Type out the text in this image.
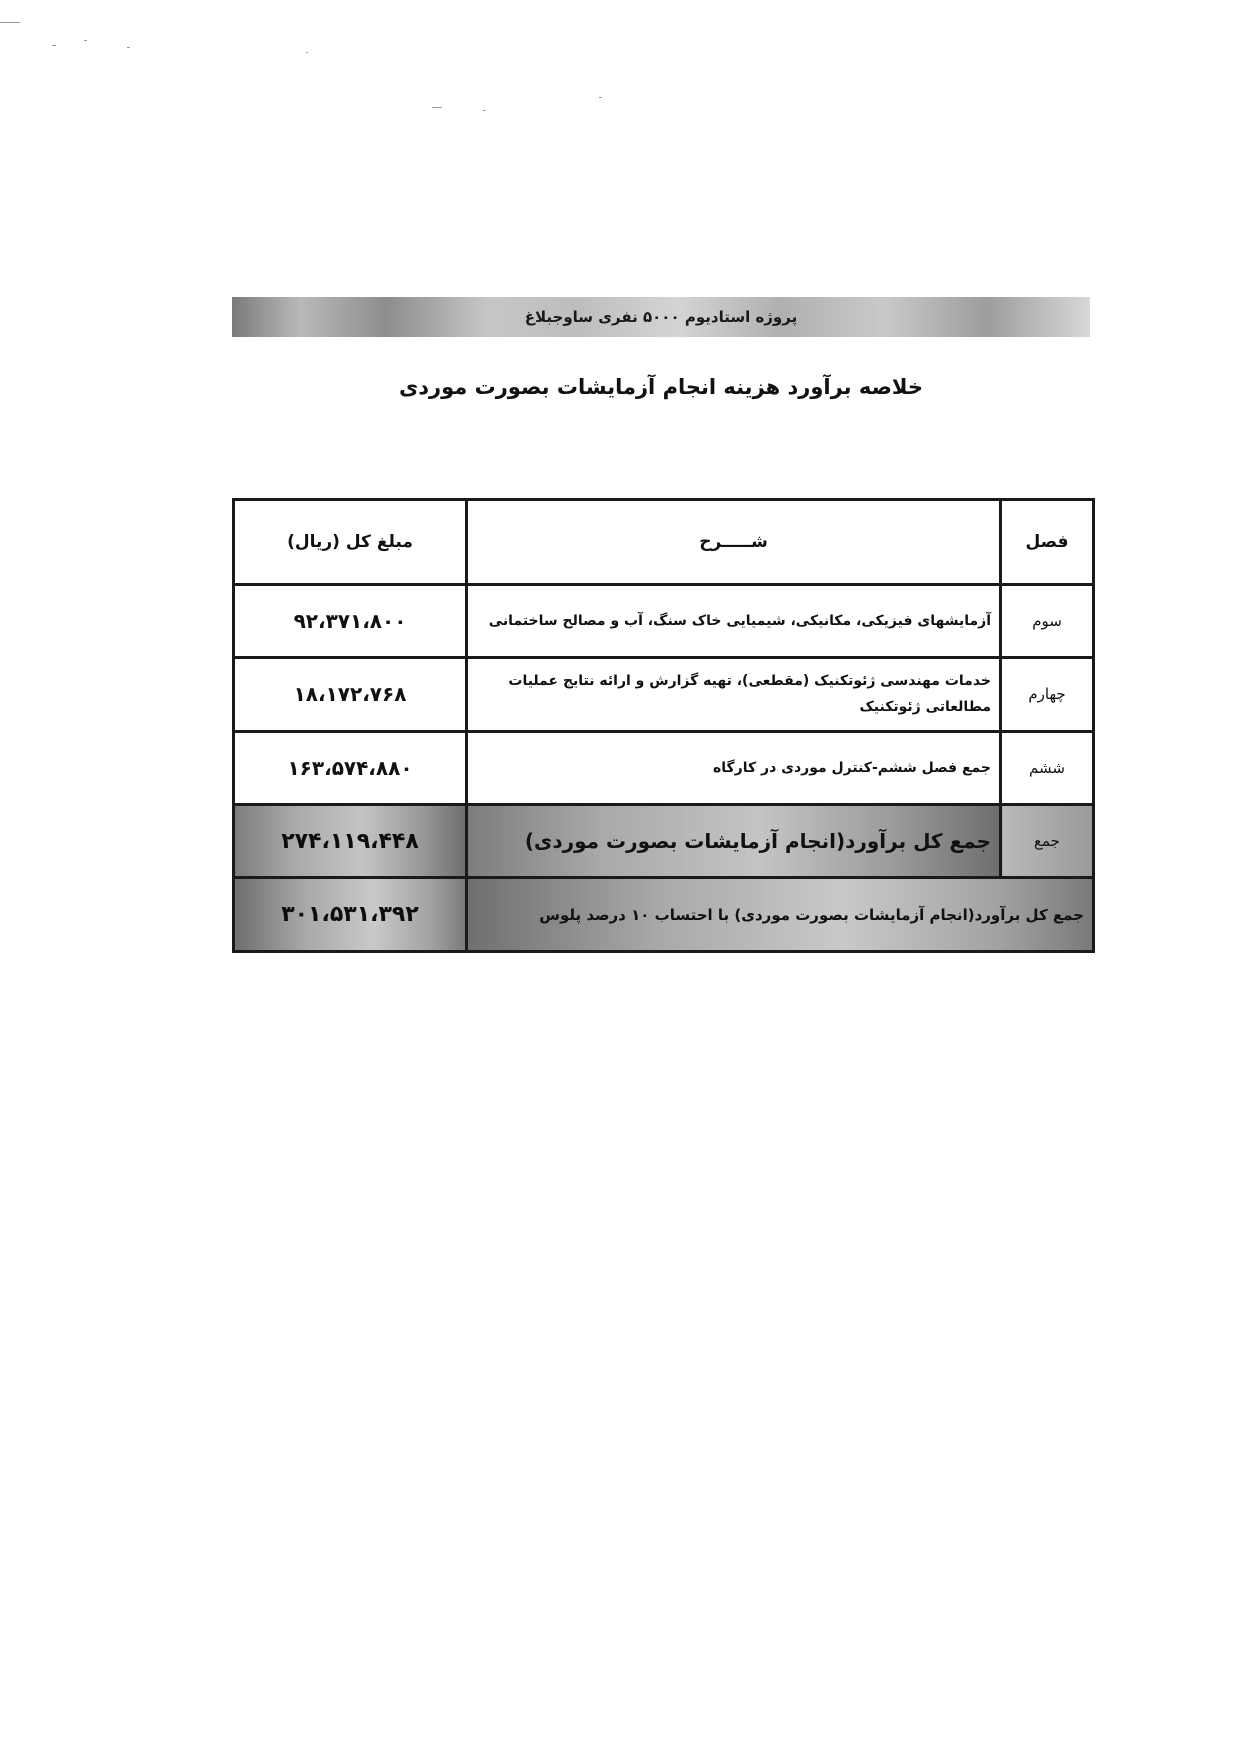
پروژه استادیوم ۵۰۰۰ نفری ساوجبلاغ
خلاصه برآورد هزینه انجام آزمایشات بصورت موردی
فصل	شـــــرح	مبلغ کل (ریال)
سوم	آزمایشهای فیزیکی، مکانیکی، شیمیایی خاک سنگ، آب و مصالح ساختمانی	۹۲،۳۷۱،۸۰۰
چهارم	خدمات مهندسی ژئوتکنیک (مقطعی)، تهیه گزارش و ارائه نتایج عملیات مطالعاتی ژئوتکنیک	۱۸،۱۷۲،۷۶۸
ششم	جمع فصل ششم-کنترل موردی در کارگاه	۱۶۳،۵۷۴،۸۸۰
جمع	جمع کل برآورد(انجام آزمایشات بصورت موردی)	۲۷۴،۱۱۹،۴۴۸
جمع کل برآورد(انجام آزمایشات بصورت موردی) با احتساب ۱۰ درصد پلوس		۳۰۱،۵۳۱،۳۹۲
